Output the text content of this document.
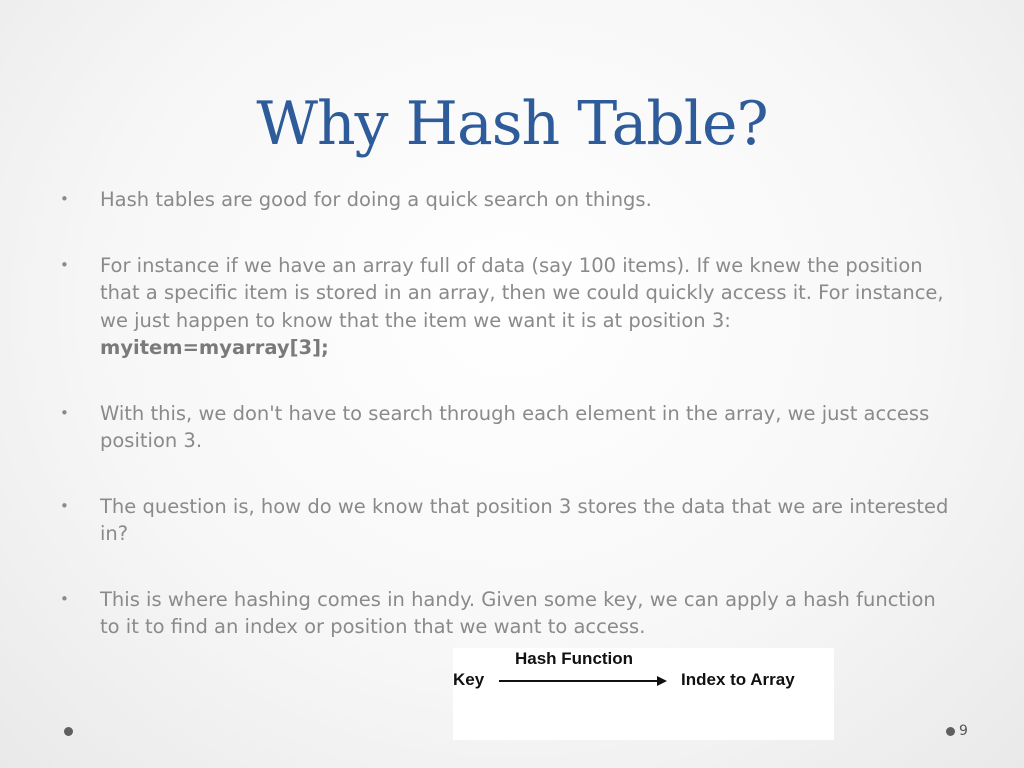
Why Hash Table?
• Hash tables are good for doing a quick search on things.
• For instance if we have an array full of data (say 100 items). If we knew the position that a specific item is stored in an array, then we could quickly access it. For instance, we just happen to know that the item we want it is at position 3: myitem=myarray[3];
• With this, we don't have to search through each element in the array, we just access position 3.
• The question is, how do we know that position 3 stores the data that we are interested in?
• This is where hashing comes in handy. Given some key, we can apply a hash function to it to find an index or position that we want to access.
Hash Function
Key	Index to Array
9
